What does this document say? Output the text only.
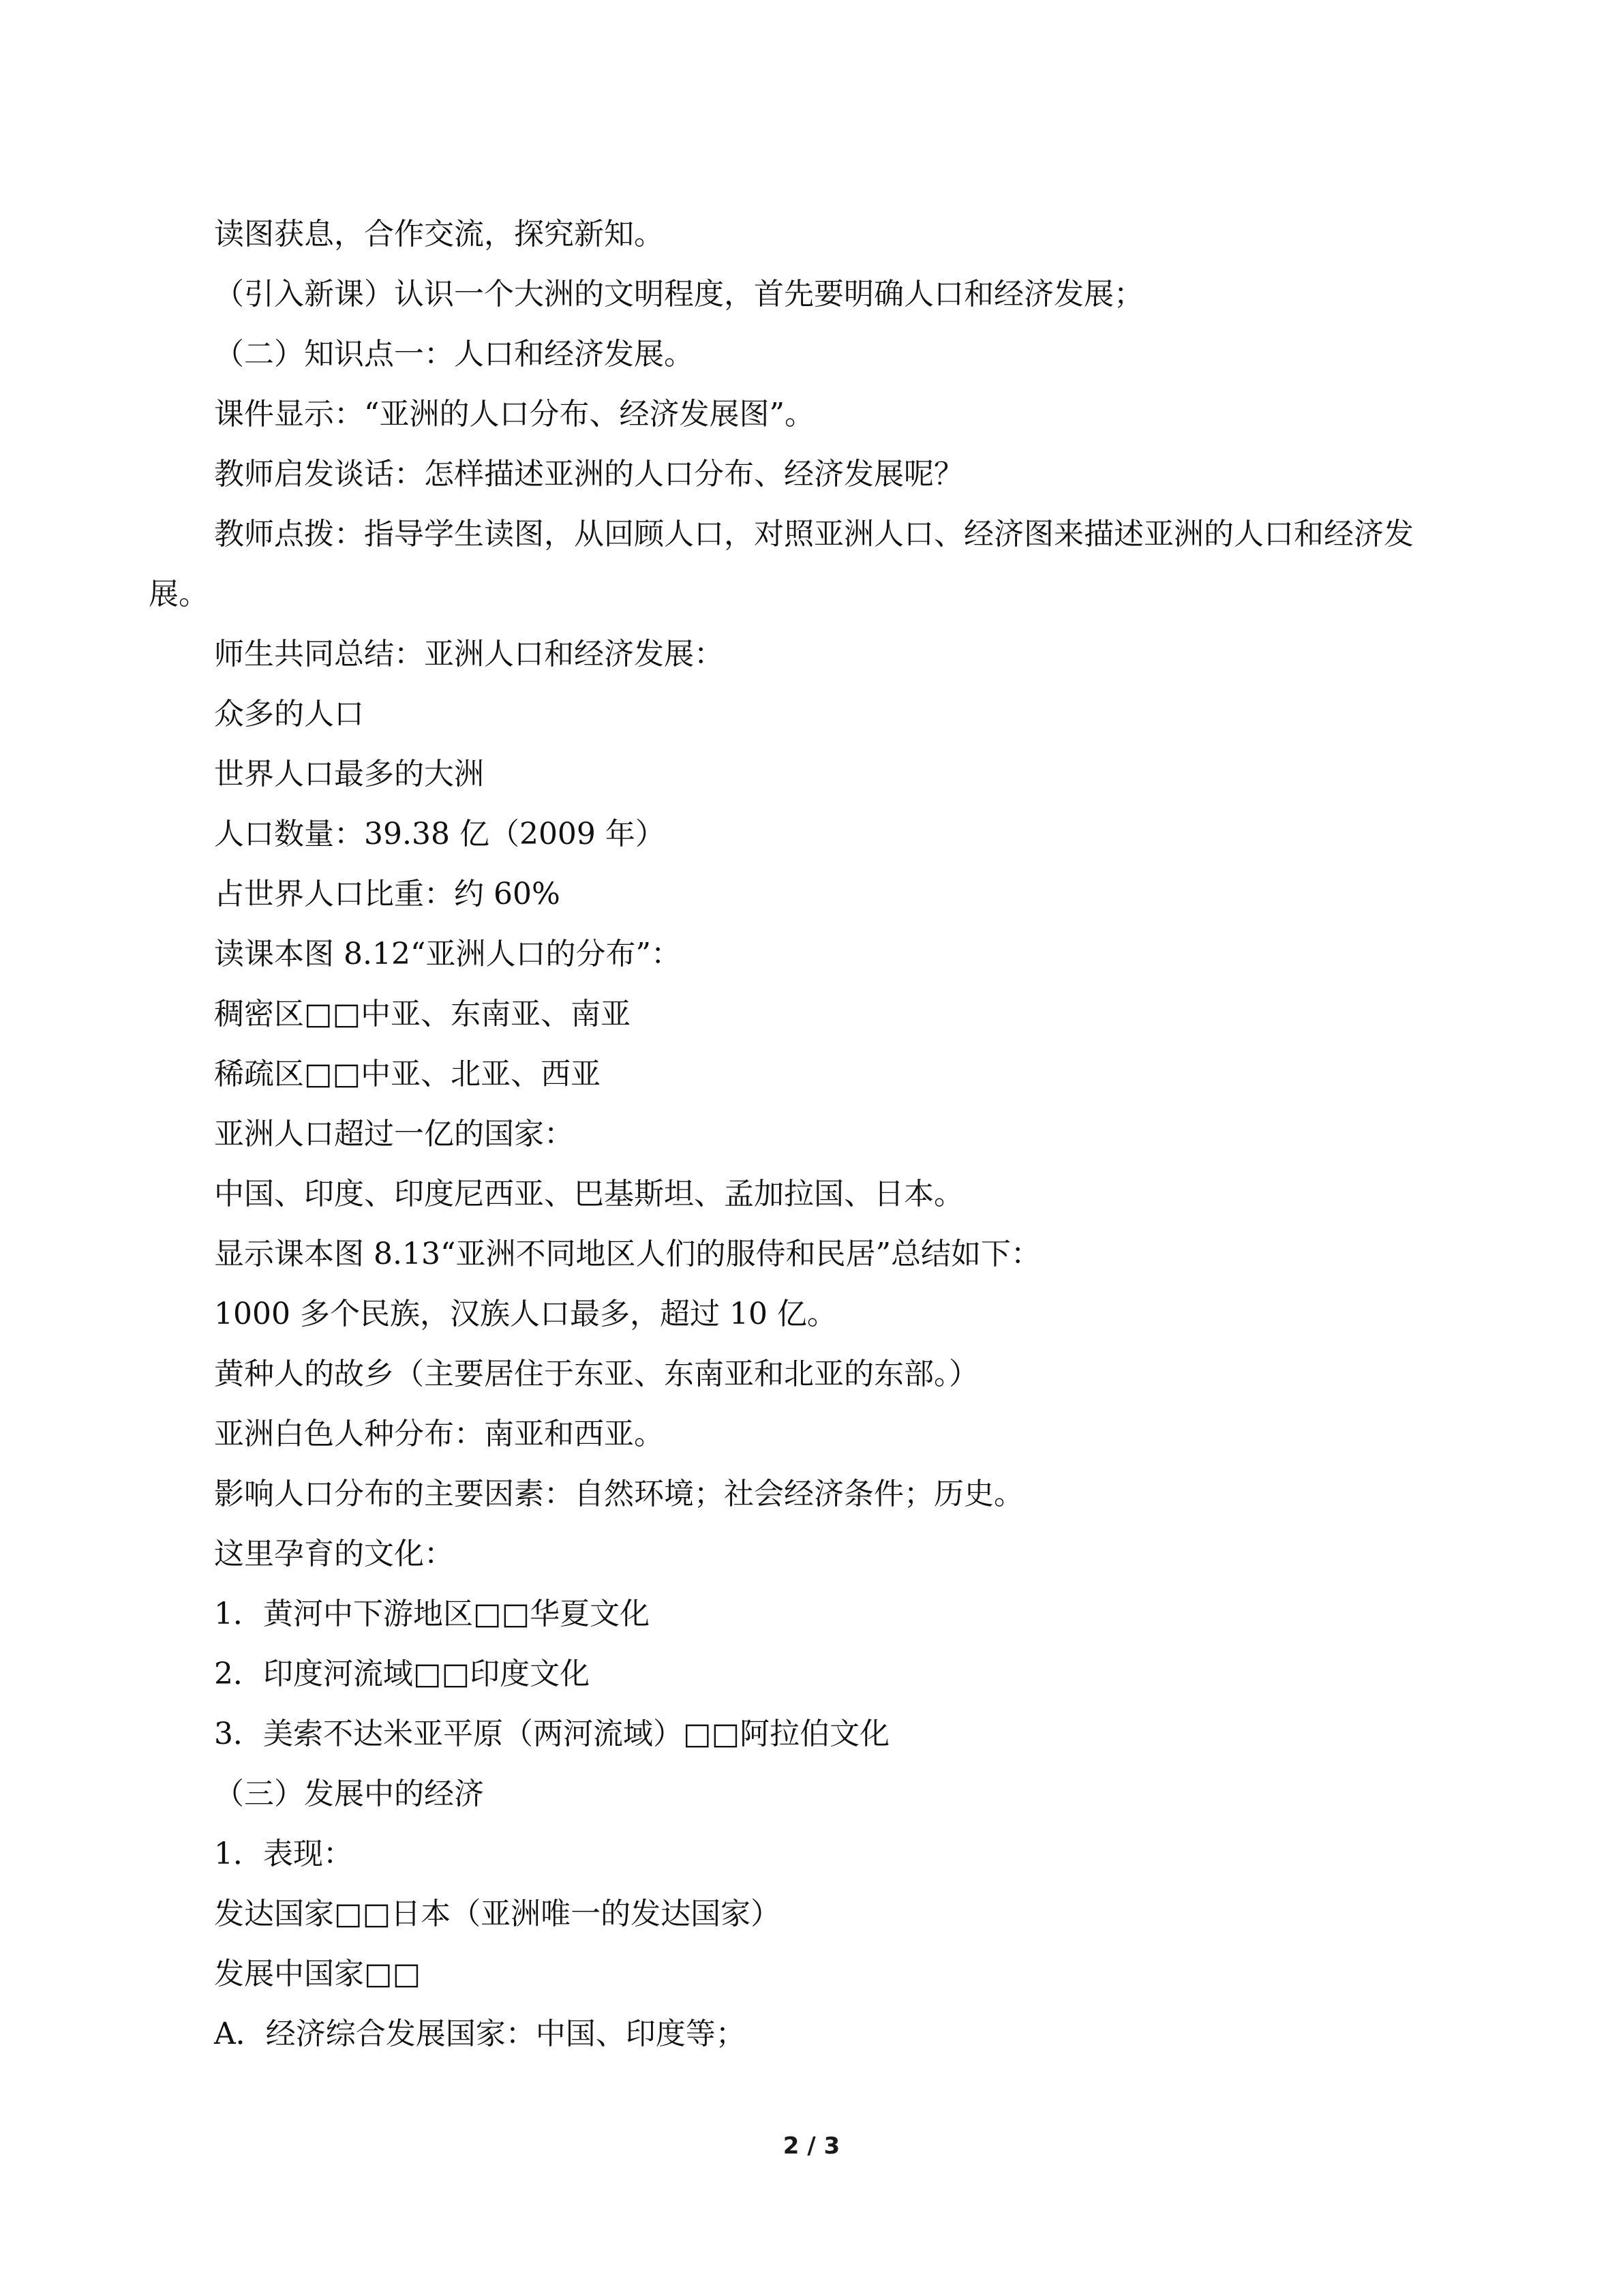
读图获息，合作交流，探究新知。

（引入新课）认识一个大洲的文明程度，首先要明确人口和经济发展；

（二）知识点一：人口和经济发展。

课件显示：“亚洲的人口分布、经济发展图”。

教师启发谈话：怎样描述亚洲的人口分布、经济发展呢？

教师点拨：指导学生读图，从回顾人口，对照亚洲人口、经济图来描述亚洲的人口和经济发展。

师生共同总结：亚洲人口和经济发展：

众多的人口

世界人口最多的大洲

人口数量：39.38 亿（2009 年）

占世界人口比重：约 60%

读课本图 8.12“亚洲人口的分布”：

稠密区□□中亚、东南亚、南亚

稀疏区□□中亚、北亚、西亚

亚洲人口超过一亿的国家：

中国、印度、印度尼西亚、巴基斯坦、孟加拉国、日本。

显示课本图 8.13“亚洲不同地区人们的服侍和民居”总结如下：

1000 多个民族，汉族人口最多，超过 10 亿。

黄种人的故乡（主要居住于东亚、东南亚和北亚的东部。）

亚洲白色人种分布：南亚和西亚。

影响人口分布的主要因素：自然环境；社会经济条件；历史。

这里孕育的文化：

1．黄河中下游地区□□华夏文化

2．印度河流域□□印度文化

3．美索不达米亚平原（两河流域）□□阿拉伯文化

（三）发展中的经济

1．表现：

发达国家□□日本（亚洲唯一的发达国家）

发展中国家□□

A．经济综合发展国家：中国、印度等；

2 / 3
